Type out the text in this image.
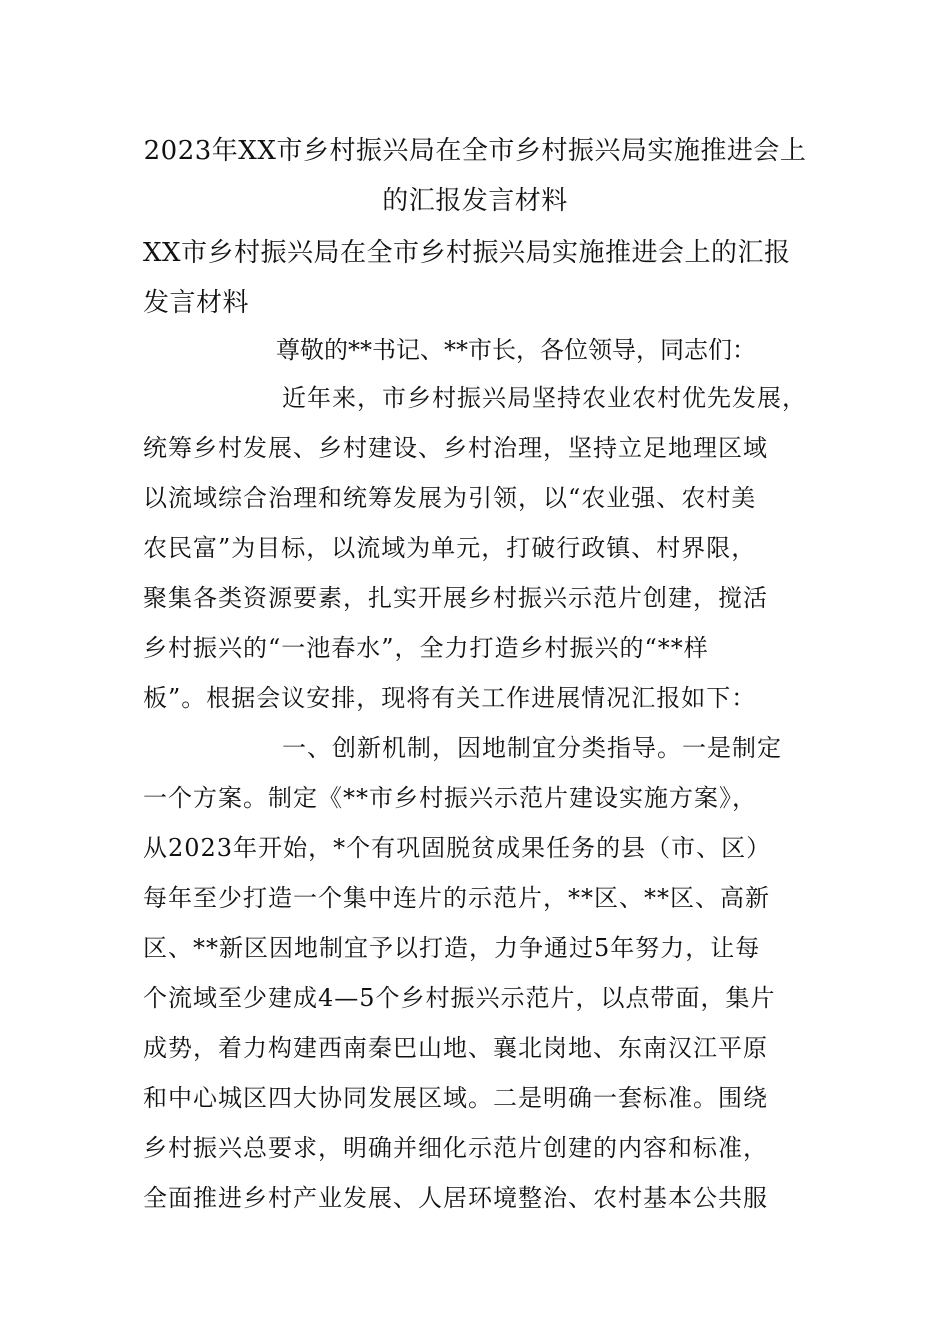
2023年XX市乡村振兴局在全市乡村振兴局实施推进会上
的汇报发言材料
XX市乡村振兴局在全市乡村振兴局实施推进会上的汇报发言材料
尊敬的**书记、**市长，各位领导，同志们：
近年来，市乡村振兴局坚持农业农村优先发展，
统筹乡村发展、乡村建设、乡村治理，坚持立足地理区域
以流域综合治理和统筹发展为引领，以“农业强、农村美
农民富”为目标，以流域为单元，打破行政镇、村界限，
聚集各类资源要素，扎实开展乡村振兴示范片创建，搅活
乡村振兴的“一池春水”，全力打造乡村振兴的“**样
板”。根据会议安排，现将有关工作进展情况汇报如下：
一、创新机制，因地制宜分类指导。一是制定
一个方案。制定《**市乡村振兴示范片建设实施方案》，
从2023年开始，*个有巩固脱贫成果任务的县（市、区）
每年至少打造一个集中连片的示范片，**区、**区、高新
区、**新区因地制宜予以打造，力争通过5年努力，让每
个流域至少建成4—5个乡村振兴示范片，以点带面，集片
成势，着力构建西南秦巴山地、襄北岗地、东南汉江平原
和中心城区四大协同发展区域。二是明确一套标准。围绕
乡村振兴总要求，明确并细化示范片创建的内容和标准，
全面推进乡村产业发展、人居环境整治、农村基本公共服
